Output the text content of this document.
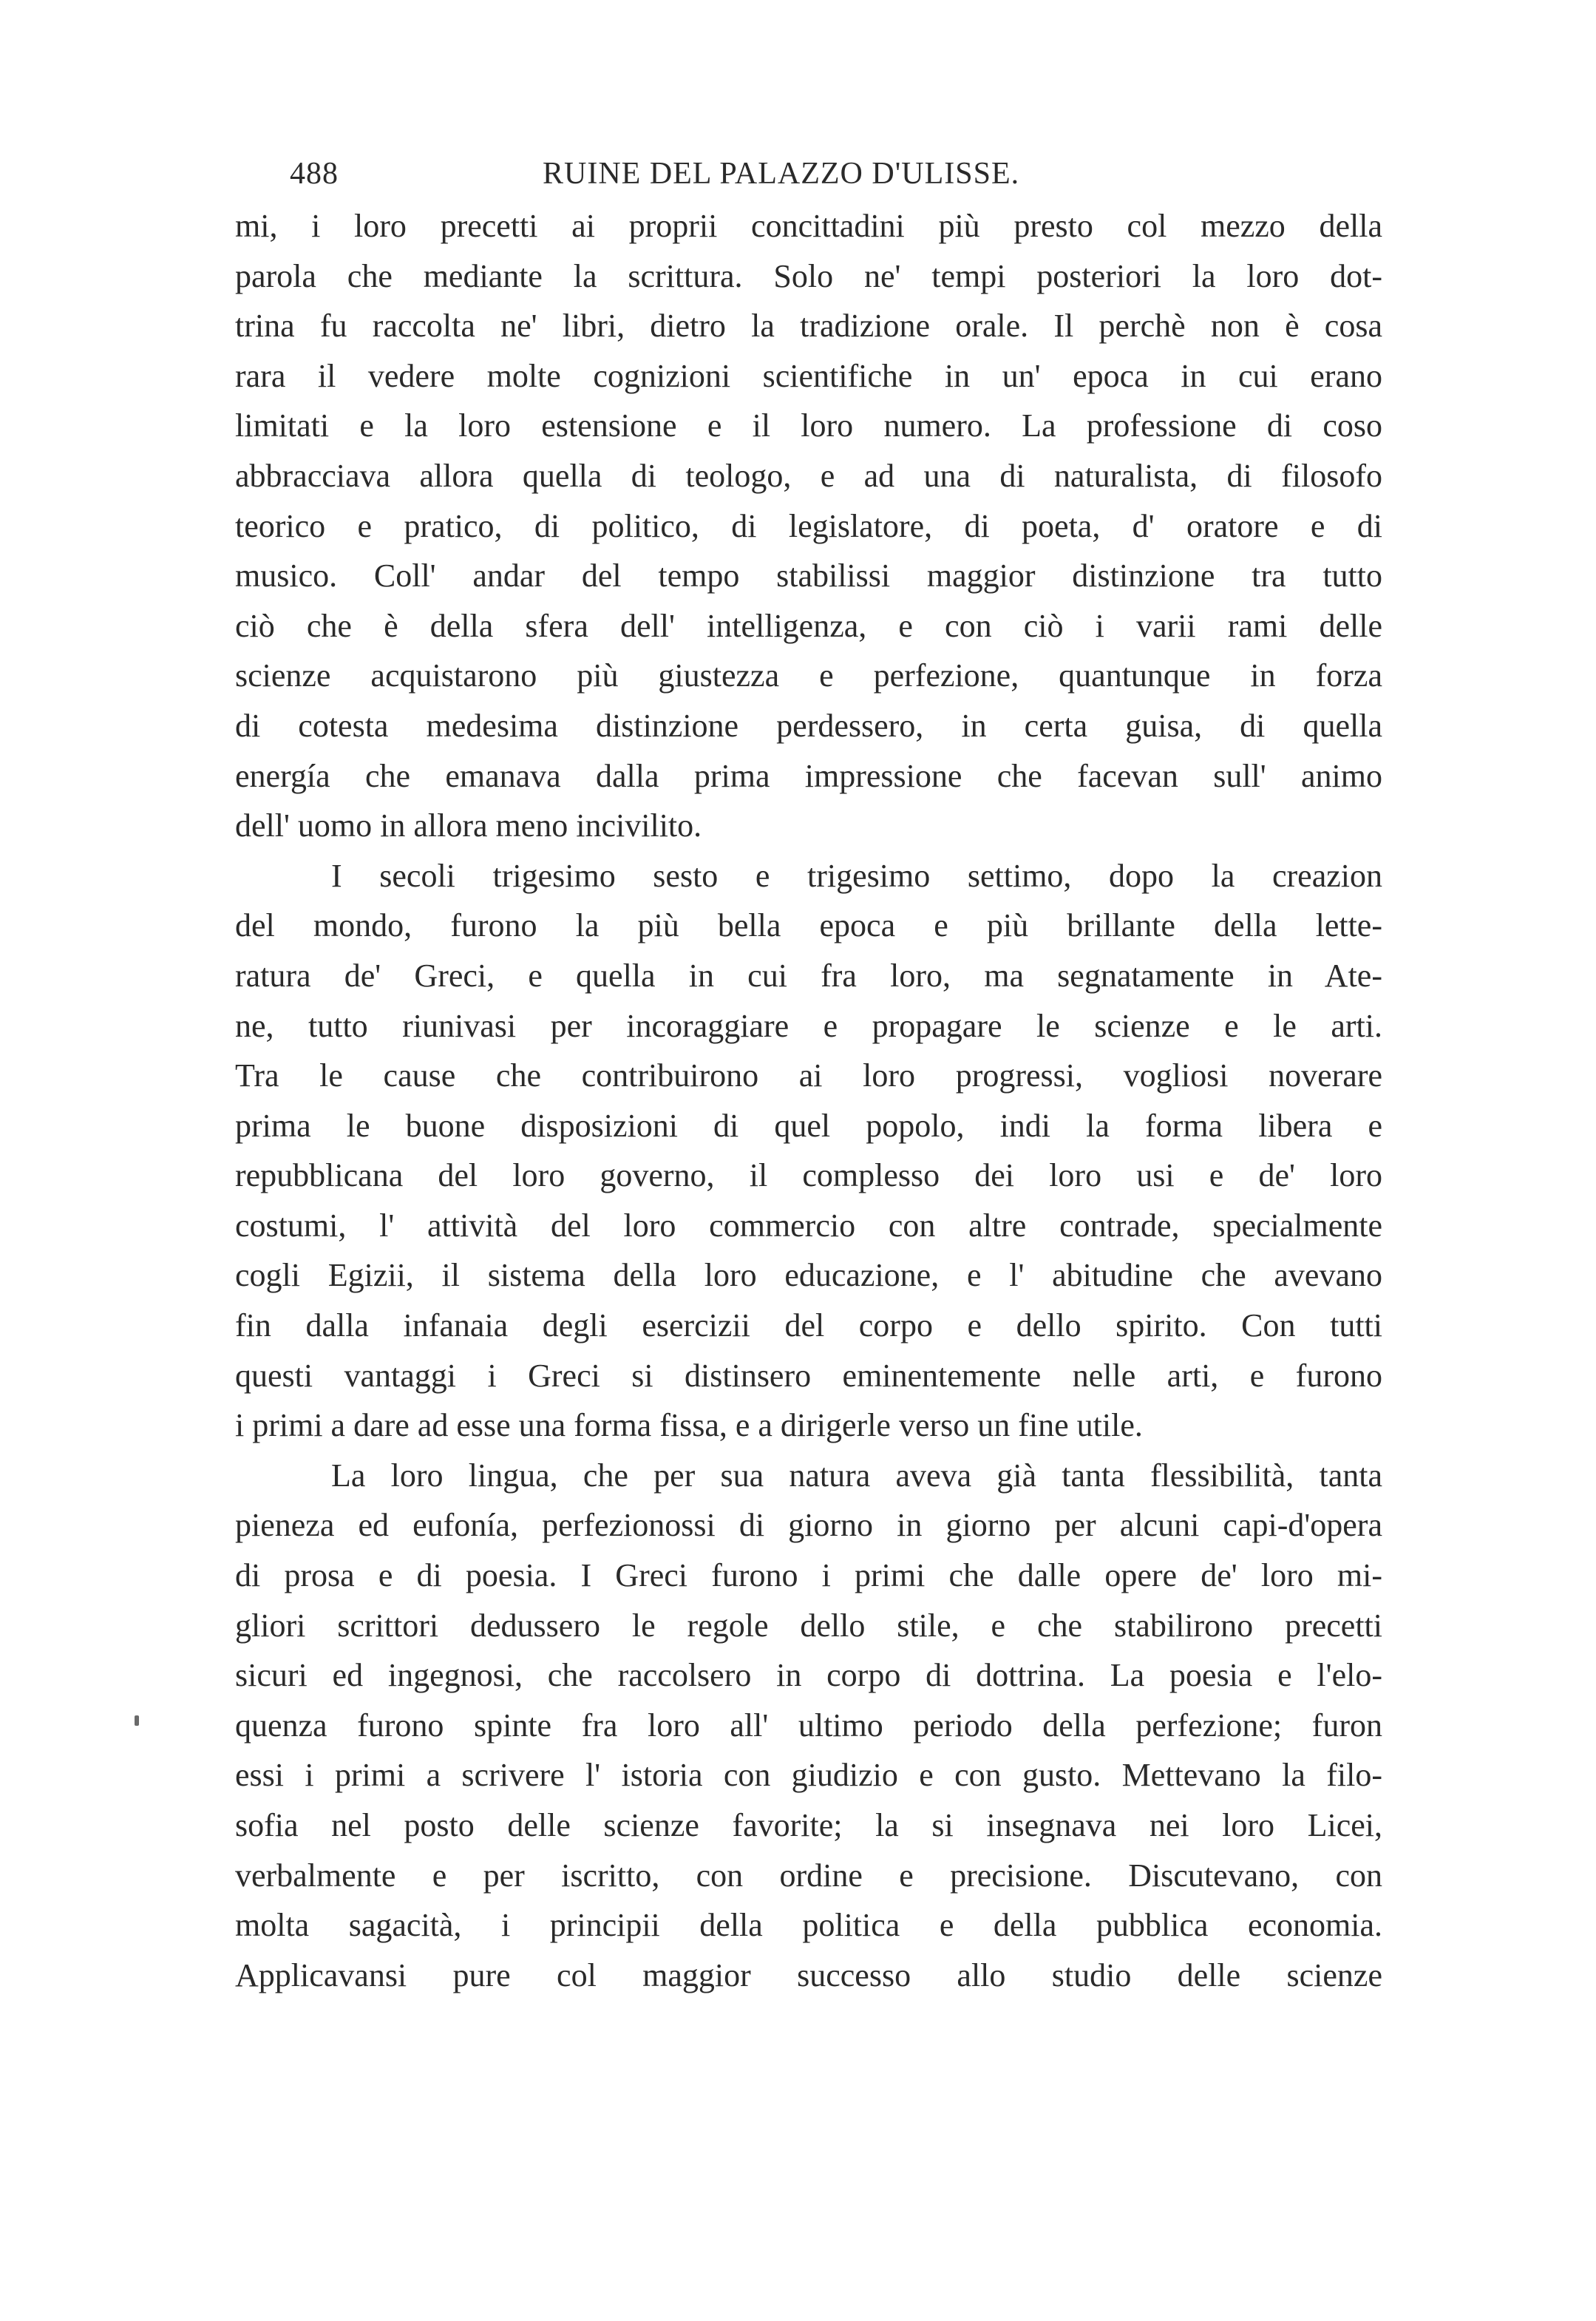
488	RUINE DEL PALAZZO D'ULISSE.
mi, i loro precetti ai proprii concittadini più presto col mezzo della
parola che mediante la scrittura. Solo ne' tempi posteriori la loro dot-
trina fu raccolta ne' libri, dietro la tradizione orale. Il perchè non è cosa
rara il vedere molte cognizioni scientifiche in un' epoca in cui erano
limitati e la loro estensione e il loro numero. La professione di coso
abbracciava allora quella di teologo, e ad una di naturalista, di filosofo
teorico e pratico, di politico, di legislatore, di poeta, d' oratore e di
musico. Coll' andar del tempo stabilissi maggior distinzione tra tutto
ciò che è della sfera dell' intelligenza, e con ciò i varii rami delle
scienze acquistarono più giustezza e perfezione, quantunque in forza
di cotesta medesima distinzione perdessero, in certa guisa, di quella
energía che emanava dalla prima impressione che facevan sull' animo
dell' uomo in allora meno incivilito.
I secoli trigesimo sesto e trigesimo settimo, dopo la creazion
del mondo, furono la più bella epoca e più brillante della lette-
ratura de' Greci, e quella in cui fra loro, ma segnatamente in Ate-
ne, tutto riunivasi per incoraggiare e propagare le scienze e le arti.
Tra le cause che contribuirono ai loro progressi, vogliosi noverare
prima le buone disposizioni di quel popolo, indi la forma libera e
repubblicana del loro governo, il complesso dei loro usi e de' loro
costumi, l' attività del loro commercio con altre contrade, specialmente
cogli Egizii, il sistema della loro educazione, e l' abitudine che avevano
fin dalla infanaia degli esercizii del corpo e dello spirito. Con tutti
questi vantaggi i Greci si distinsero eminentemente nelle arti, e furono
i primi a dare ad esse una forma fissa, e a dirigerle verso un fine utile.
La loro lingua, che per sua natura aveva già tanta flessibilità, tanta
pieneza ed eufonía, perfezionossi di giorno in giorno per alcuni capi-d'opera
di prosa e di poesia. I Greci furono i primi che dalle opere de' loro mi-
gliori scrittori dedussero le regole dello stile, e che stabilirono precetti
sicuri ed ingegnosi, che raccolsero in corpo di dottrina. La poesia e l'elo-
quenza furono spinte fra loro all' ultimo periodo della perfezione; furon
essi i primi a scrivere l' istoria con giudizio e con gusto. Mettevano la filo-
sofia nel posto delle scienze favorite; la si insegnava nei loro Licei,
verbalmente e per iscritto, con ordine e precisione. Discutevano, con
molta sagacità, i principii della politica e della pubblica economia.
Applicavansi pure col maggior successo allo studio delle scienze
